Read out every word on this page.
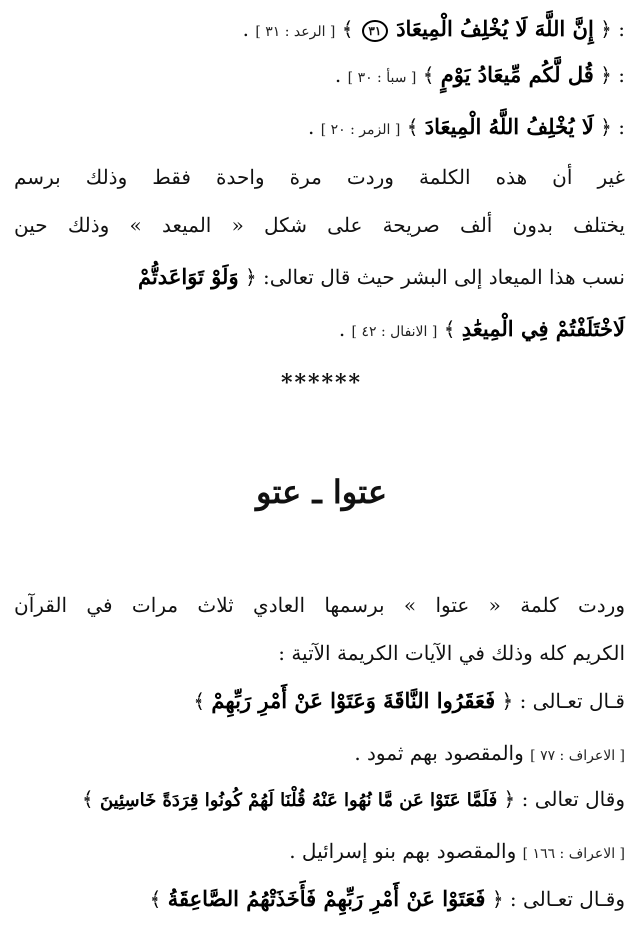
: ﴿ إِنَّ اللَّهَ لَا يُخْلِفُ الْمِيعَادَ ٣١ ﴾ [ الرعد : ٣١ ] .
: ﴿ قُل لَّكُم مِّيعَادُ يَوْمٍ ﴾ [ سبأ : ٣٠ ] .
: ﴿ لَا يُخْلِفُ اللَّهُ الْمِيعَادَ ﴾ [ الزمر : ٢٠ ] .
غير أن هذه الكلمة وردت مرة واحدة فقط وذلك برسم
يختلف بدون ألف صريحة على شكل « الميعد » وذلك حين
نسب هذا الميعاد إلى البشر حيث قال تعالى: ﴿ وَلَوْ تَوَاعَدتُّمْ
لَاخْتَلَفْتُمْ فِي الْمِيعَٰدِ ﴾ [ الانفال : ٤٢ ] .
******
عتوا ـ عتو
وردت كلمة « عتوا » برسمها العادي ثلاث مرات في القرآن
الكريم كله وذلك في الآيات الكريمة الآتية :
قـال تعـالى : ﴿ فَعَقَرُوا النَّاقَةَ وَعَتَوْا عَنْ أَمْرِ رَبِّهِمْ ﴾
[ الاعراف : ٧٧ ] والمقصود بهم ثمود .
وقال تعالى : ﴿ فَلَمَّا عَتَوْا عَن مَّا نُهُوا عَنْهُ قُلْنَا لَهُمْ كُونُوا قِرَدَةً خَاسِئِينَ ﴾
[ الاعراف : ١٦٦ ] والمقصود بهم بنو إسرائيل .
وقـال تعـالى : ﴿ فَعَتَوْا عَنْ أَمْرِ رَبِّهِمْ فَأَخَذَتْهُمُ الصَّاعِقَةُ ﴾
